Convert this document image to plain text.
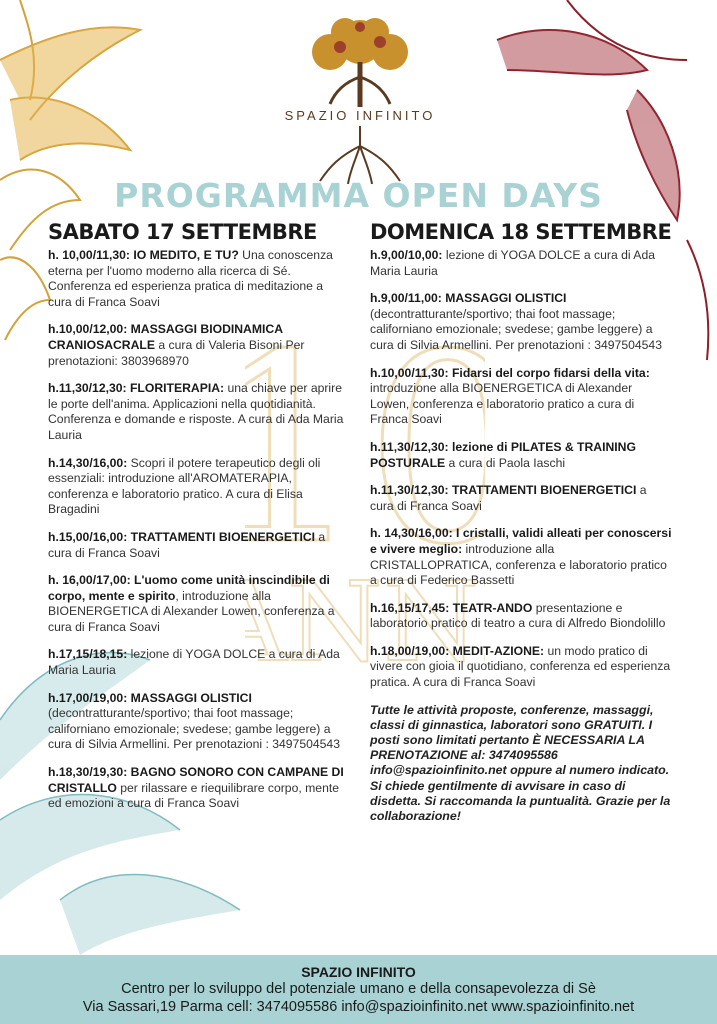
10
ANN
SPAZIO INFINITO
PROGRAMMA OPEN DAYS
SABATO 17 SETTEMBRE
h. 10,00/11,30: IO MEDITO, E TU? Una conoscenza eterna per l'uomo moderno alla ricerca di Sé. Conferenza ed esperienza pratica di meditazione a cura di Franca Soavi
h.10,00/12,00: MASSAGGI BIODINAMICA CRANIOSACRALE a cura di Valeria Bisoni Per prenotazioni: 3803968970
h.11,30/12,30: FLORITERAPIA: una chiave per aprire le porte dell'anima. Applicazioni nella quotidianità. Conferenza e domande e risposte. A cura di Ada Maria Lauria
h.14,30/16,00: Scopri il potere terapeutico degli oli essenziali: introduzione all'AROMATERAPIA, conferenza e laboratorio pratico. A cura di Elisa Bragadini
h.15,00/16,00: TRATTAMENTI BIOENERGETICI a cura di Franca Soavi
h. 16,00/17,00: L'uomo come unità inscindibile di corpo, mente e spirito, introduzione alla BIOENERGETICA di Alexander Lowen, conferenza a cura di Franca Soavi
h.17,15/18,15: lezione di YOGA DOLCE a cura di Ada Maria Lauria
h.17,00/19,00: MASSAGGI OLISTICI (decontratturante/sportivo; thai foot massage; californiano emozionale; svedese; gambe leggere) a cura di Silvia Armellini. Per prenotazioni : 3497504543
h.18,30/19,30: BAGNO SONORO CON CAMPANE DI CRISTALLO per rilassare e riequilibrare corpo, mente ed emozioni a cura di Franca Soavi
DOMENICA 18 SETTEMBRE
h.9,00/10,00: lezione di YOGA DOLCE a cura di Ada Maria Lauria
h.9,00/11,00: MASSAGGI OLISTICI (decontratturante/sportivo; thai foot massage; californiano emozionale; svedese; gambe leggere) a cura di Silvia Armellini. Per prenotazioni : 3497504543
h.10,00/11,30: Fidarsi del corpo fidarsi della vita: introduzione alla BIOENERGETICA di Alexander Lowen, conferenza e laboratorio pratico a cura di Franca Soavi
h.11,30/12,30: lezione di PILATES & TRAINING POSTURALE a cura di Paola Iaschi
h.11,30/12,30: TRATTAMENTI BIOENERGETICI a cura di Franca Soavi
h. 14,30/16,00: I cristalli, validi alleati per conoscersi e vivere meglio: introduzione alla CRISTALLOPRATICA, conferenza e laboratorio pratico a cura di Federico Bassetti
h.16,15/17,45: TEATR-ANDO presentazione e laboratorio pratico di teatro a cura di Alfredo Biondolillo
h.18,00/19,00: MEDIT-AZIONE: un modo pratico di vivere con gioia il quotidiano, conferenza ed esperienza pratica. A cura di Franca Soavi
Tutte le attività proposte, conferenze, massaggi, classi di ginnastica, laboratori sono GRATUITI. I posti sono limitati pertanto È NECESSARIA LA PRENOTAZIONE al: 3474095586 info@spazioinfinito.net oppure al numero indicato. Si chiede gentilmente di avvisare in caso di disdetta. Si raccomanda la puntualità. Grazie per la collaborazione!
SPAZIO INFINITO
Centro per lo sviluppo del potenziale umano e della consapevolezza di Sè
Via Sassari,19 Parma cell: 3474095586 info@spazioinfinito.net www.spazioinfinito.net
